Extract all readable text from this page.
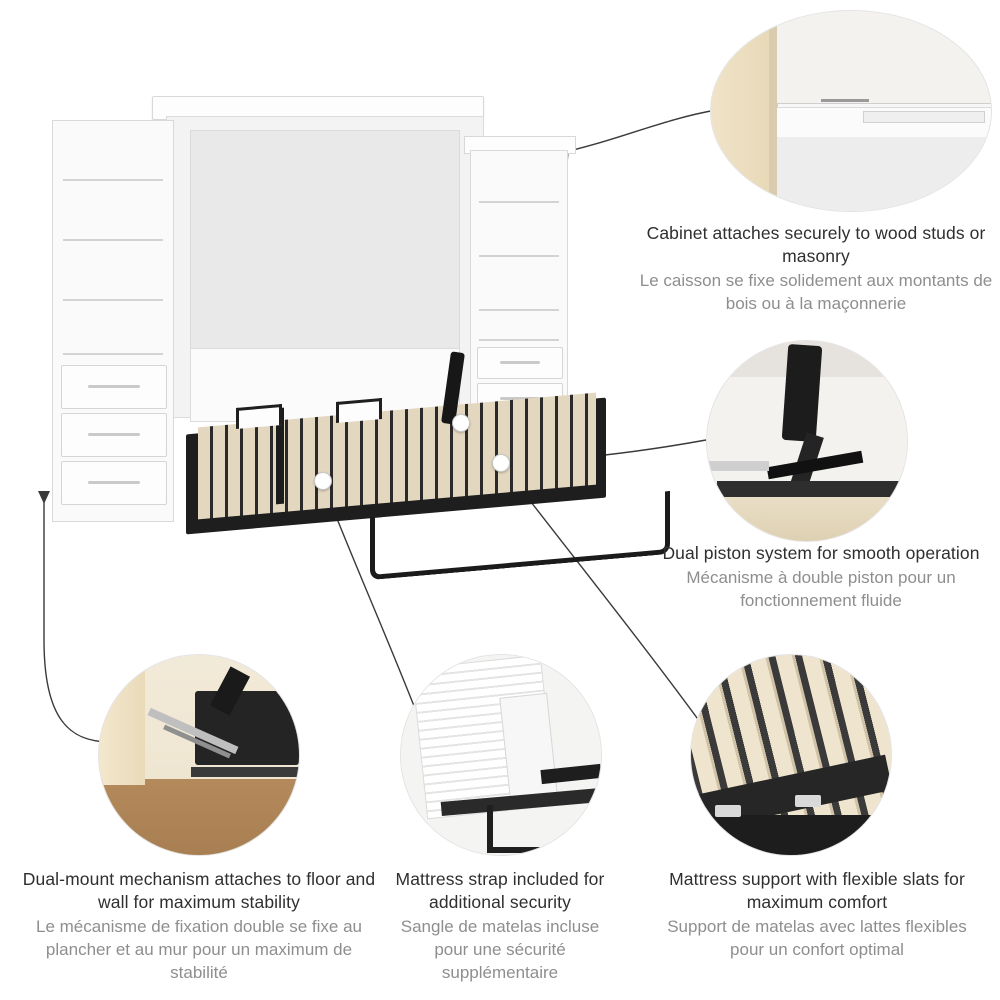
Cabinet attaches securely to wood studs or masonry
Le caisson se fixe solidement aux montants de bois ou à la maçonnerie
Dual piston system for smooth operation
Mécanisme à double piston pour un fonctionnement fluide
Dual-mount mechanism attaches to floor and wall for maximum stability
Le mécanisme de fixation double se fixe au plancher et au mur pour un maximum de stabilité
Mattress strap included for additional security
Sangle de matelas incluse pour une sécurité supplémentaire
Mattress support with flexible slats for maximum comfort
Support de matelas avec lattes flexibles pour un confort optimal
